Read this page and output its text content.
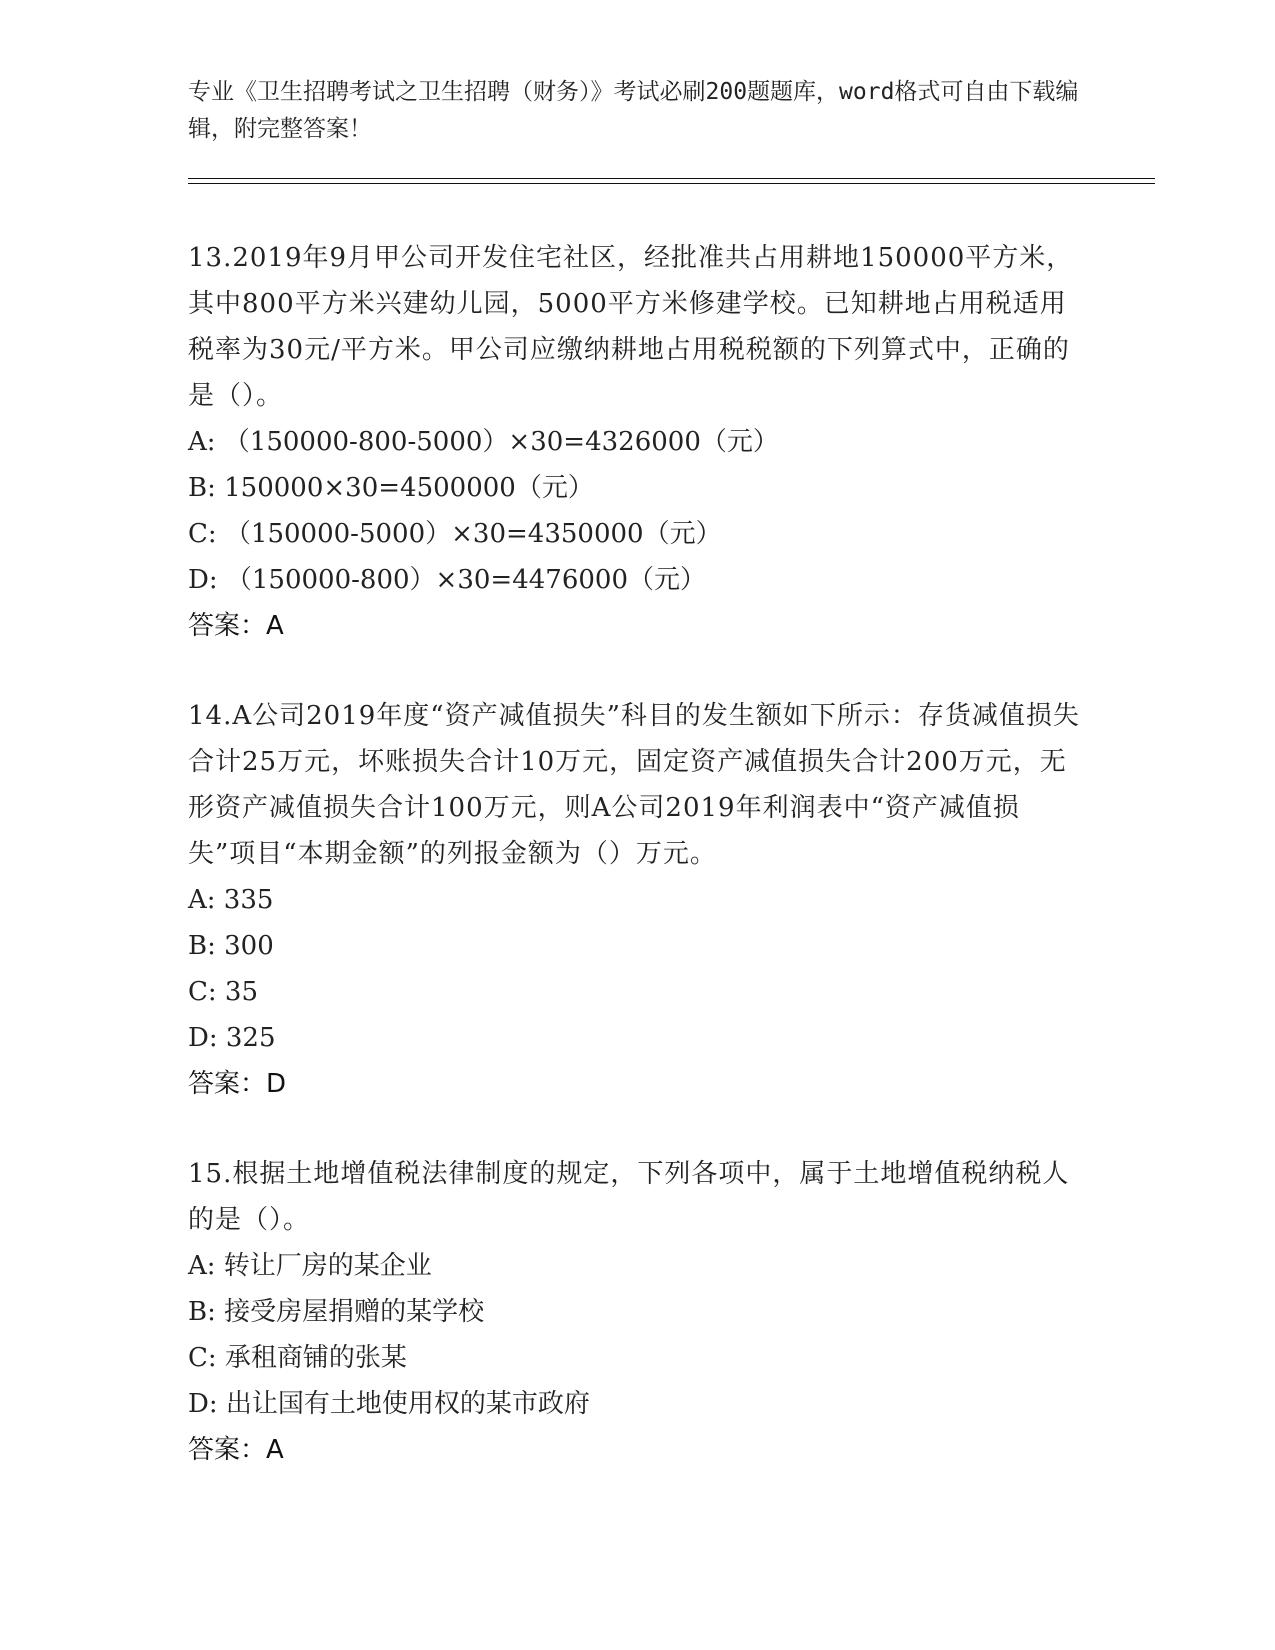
专业《卫生招聘考试之卫生招聘（财务）》考试必刷200题题库，word格式可自由下载编辑，附完整答案！
13.2019年9月甲公司开发住宅社区，经批准共占用耕地150000平方米，其中800平方米兴建幼儿园，5000平方米修建学校。已知耕地占用税适用税率为30元/平方米。甲公司应缴纳耕地占用税税额的下列算式中，正确的是（）。
A: （150000-800-5000）×30=4326000（元）
B: 150000×30=4500000（元）
C: （150000-5000）×30=4350000（元）
D: （150000-800）×30=4476000（元）
答案：A
14.A公司2019年度“资产减值损失”科目的发生额如下所示：存货减值损失合计25万元，坏账损失合计10万元，固定资产减值损失合计200万元，无形资产减值损失合计100万元，则A公司2019年利润表中“资产减值损失”项目“本期金额”的列报金额为（）万元。
A: 335
B: 300
C: 35
D: 325
答案：D
15.根据土地增值税法律制度的规定，下列各项中，属于土地增值税纳税人的是（）。
A: 转让厂房的某企业
B: 接受房屋捐赠的某学校
C: 承租商铺的张某
D: 出让国有土地使用权的某市政府
答案：A
